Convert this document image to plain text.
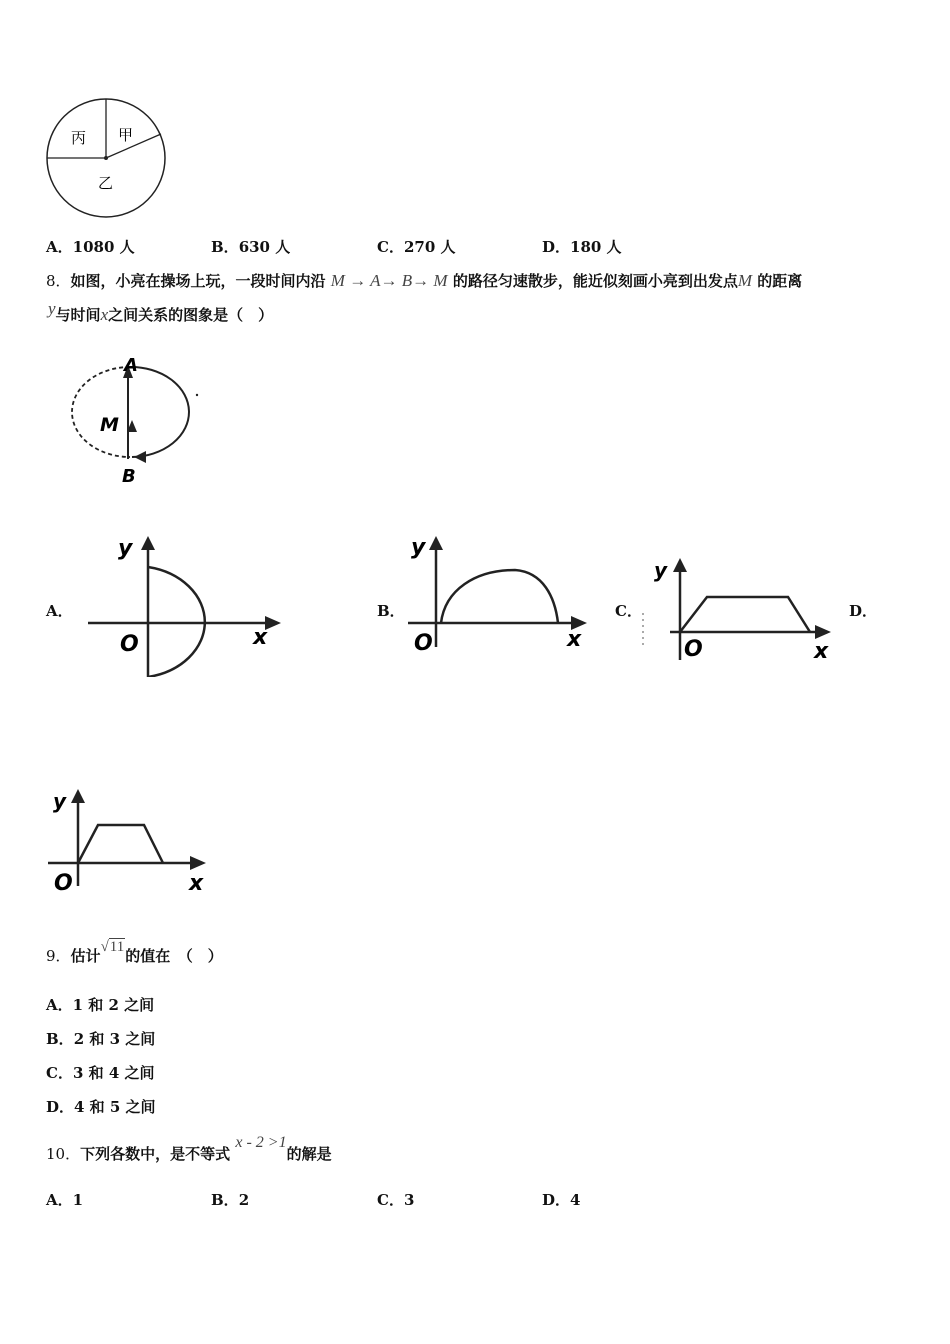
丙 甲
乙
A．1080 人	B．630 人	C．270 人	D．180 人
8．如图，小亮在操场上玩，一段时间内沿 M → A→ B→ M 的路径匀速散步，能近似刻画小亮到出发点M 的距离
y与时间x之间关系的图象是（　）
A
M
B
A．	B．	C．	D．
y
O	x
y
O	x
y
O	x
y
O	x
9．估计√11的值在　（　）
A．1 和 2 之间
B．2 和 3 之间
C．3 和 4 之间
D．4 和 5 之间
10．下列各数中，是不等式 x - 2 >1的解是
A．1	B．2	C．3	D．4
